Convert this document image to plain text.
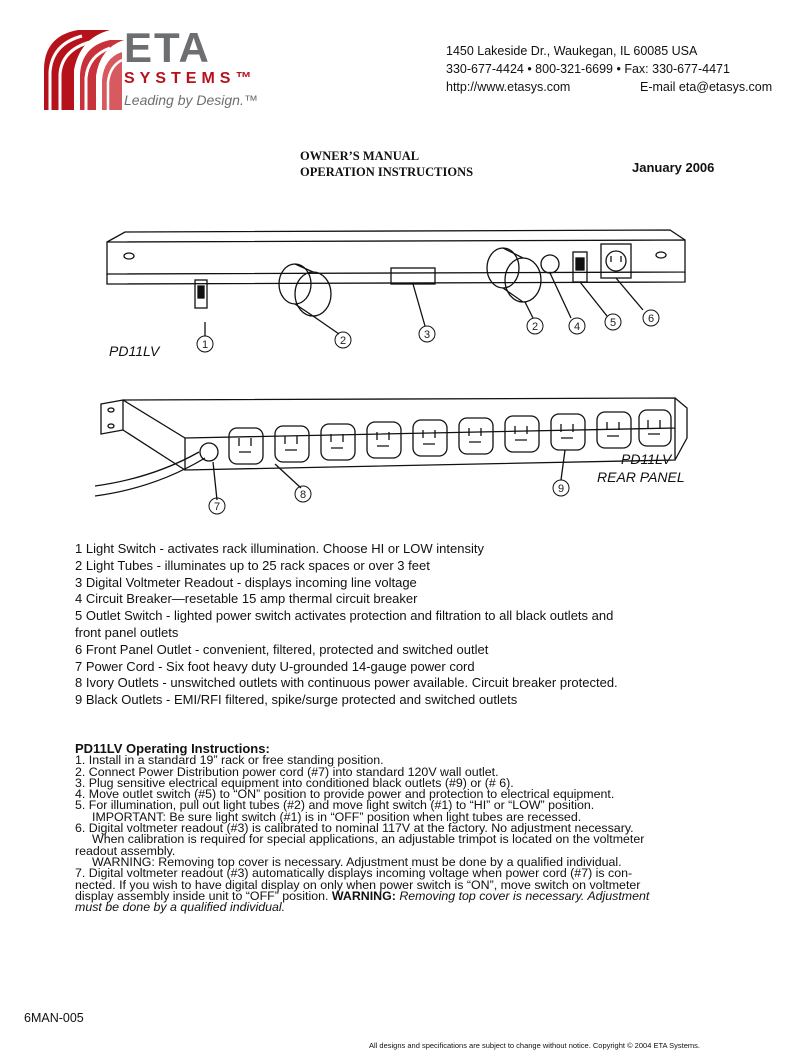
ETA
SYSTEMS™
Leading by Design.™
1450 Lakeside Dr., Waukegan, IL 60085 USA
330-677-4424 • 800-321-6699 • Fax: 330-677-4471
http://www.etasys.com	E-mail eta@etasys.com
OWNER’S MANUAL
OPERATION INSTRUCTIONS	January 2006
1	2	3
2	4	5	6
PD11LV
7
8	9
PD11LV
REAR PANEL
1 Light Switch - activates rack illumination. Choose HI or LOW intensity
2 Light Tubes - illuminates up to 25 rack spaces or over 3 feet
3 Digital Voltmeter Readout - displays incoming line voltage
4 Circuit Breaker—resetable 15 amp thermal circuit breaker
5 Outlet Switch - lighted power switch activates protection and filtration to all black outlets and
front panel outlets
6 Front Panel Outlet - convenient, filtered, protected and switched outlet
7 Power Cord - Six foot heavy duty U-grounded 14-gauge power cord
8 Ivory Outlets - unswitched outlets with continuous power available. Circuit breaker protected.
9 Black Outlets - EMI/RFI filtered, spike/surge protected and switched outlets
PD11LV Operating Instructions:
1. Install in a standard 19” rack or free standing position.
2. Connect Power Distribution power cord (#7) into standard 120V wall outlet.
3. Plug sensitive electrical equipment into conditioned black outlets (#9) or (# 6).
4. Move outlet switch (#5) to “ON” position to provide power and protection to electrical equipment.
5. For illumination, pull out light tubes (#2) and move light switch (#1) to “HI” or “LOW” position.
IMPORTANT: Be sure light switch (#1) is in “OFF” position when light tubes are recessed.
6. Digital voltmeter readout (#3) is calibrated to nominal 117V at the factory. No adjustment necessary.
When calibration is required for special applications, an adjustable trimpot is located on the voltmeter
readout assembly.
WARNING: Removing top cover is necessary. Adjustment must be done by a qualified individual.
7. Digital voltmeter readout (#3) automatically displays incoming voltage when power cord (#7) is con-
nected. If you wish to have digital display on only when power switch is “ON”, move switch on voltmeter
display assembly inside unit to “OFF” position. WARNING: Removing top cover is necessary. Adjustment
must be done by a qualified individual.
6MAN-005
All designs and specifications are subject to change without notice. Copyright © 2004 ETA Systems.
